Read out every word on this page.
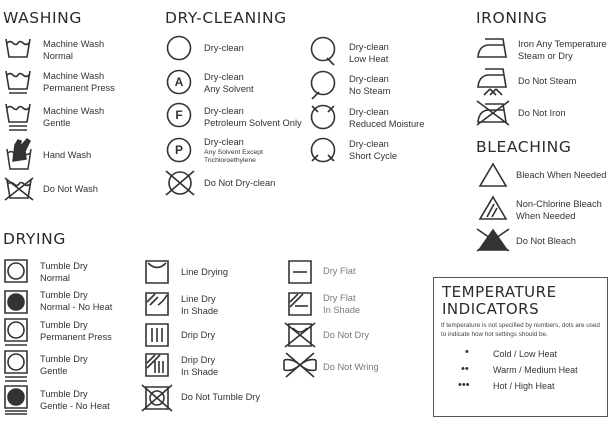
WASHING
Machine Wash
Normal
Machine Wash
Permanent Press
Machine Wash
Gentle
Hand Wash
Do Not Wash
DRY-CLEANING
Dry-clean
A	Dry-clean
Any Solvent
F	Dry-clean
Petroleum Solvent Only
P
Dry-clean
Any Solvent Except
Trichloroethylene
Do Not Dry-clean
Dry-clean
Low Heat
Dry-clean
No Steam
Dry-clean
Reduced Moisture
Dry-clean
Short Cycle
IRONING
Iron Any Temperature
Steam or Dry
Do Not Steam
Do Not Iron
BLEACHING
Bleach When Needed
Non-Chlorine Bleach
When Needed
Do Not Bleach
DRYING
Tumble Dry
Normal
Tumble Dry
Normal - No Heat
Tumble Dry
Permanent Press
Tumble Dry
Gentle
Tumble Dry
Gentle - No Heat
Line Drying
Line Dry
In Shade
Drip Dry
Drip Dry
In Shade
Do Not Tumble Dry
Dry Flat
Dry Flat
In Shade
Do Not Dry
Do Not Wring
TEMPERATURE
INDICATORS
If temperature is not specified by numbers, dots are used to indicate how hot settings should be.
•	Cold / Low Heat
••	Warm / Medium Heat
•••	Hot / High Heat
